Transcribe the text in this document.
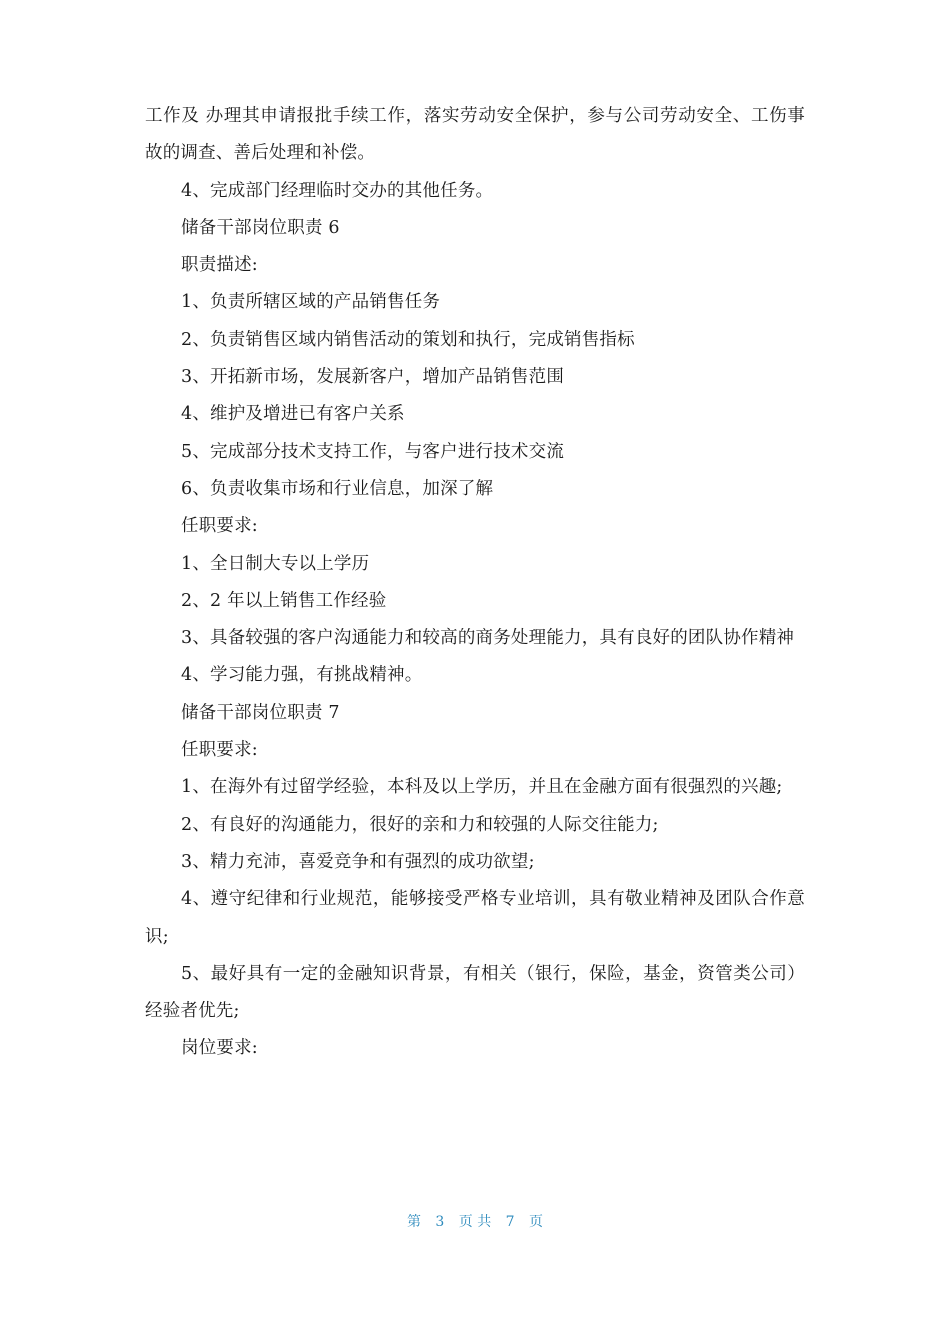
工作及 办理其申请报批手续工作，落实劳动安全保护，参与公司劳动安全、工伤事故的调查、善后处理和补偿。

4、完成部门经理临时交办的其他任务。

储备干部岗位职责 6

职责描述:

1、负责所辖区域的产品销售任务

2、负责销售区域内销售活动的策划和执行，完成销售指标

3、开拓新市场，发展新客户，增加产品销售范围

4、维护及增进已有客户关系

5、完成部分技术支持工作，与客户进行技术交流

6、负责收集市场和行业信息，加深了解

任职要求:

1、全日制大专以上学历

2、2 年以上销售工作经验

3、具备较强的客户沟通能力和较高的商务处理能力，具有良好的团队协作精神

4、学习能力强，有挑战精神。

储备干部岗位职责 7

任职要求:

1、在海外有过留学经验，本科及以上学历，并且在金融方面有很强烈的兴趣;

2、有良好的沟通能力，很好的亲和力和较强的人际交往能力;

3、精力充沛，喜爱竞争和有强烈的成功欲望;

4、遵守纪律和行业规范，能够接受严格专业培训，具有敬业精神及团队合作意识;

5、最好具有一定的金融知识背景，有相关（银行，保险，基金，资管类公司）经验者优先;

岗位要求:

第 3 页 共 7 页
